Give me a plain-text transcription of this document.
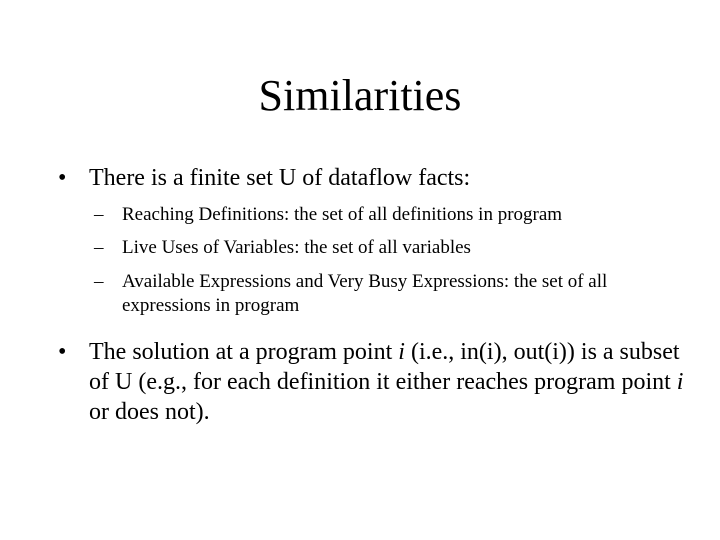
Similarities
• There is a finite set U of dataflow facts:
– Reaching Definitions: the set of all definitions in program
– Live Uses of Variables: the set of all variables
– Available Expressions and Very Busy Expressions: the set of all expressions in program
• The solution at a program point i (i.e., in(i), out(i)) is a subset of U (e.g., for each definition it either reaches program point i or does not).
